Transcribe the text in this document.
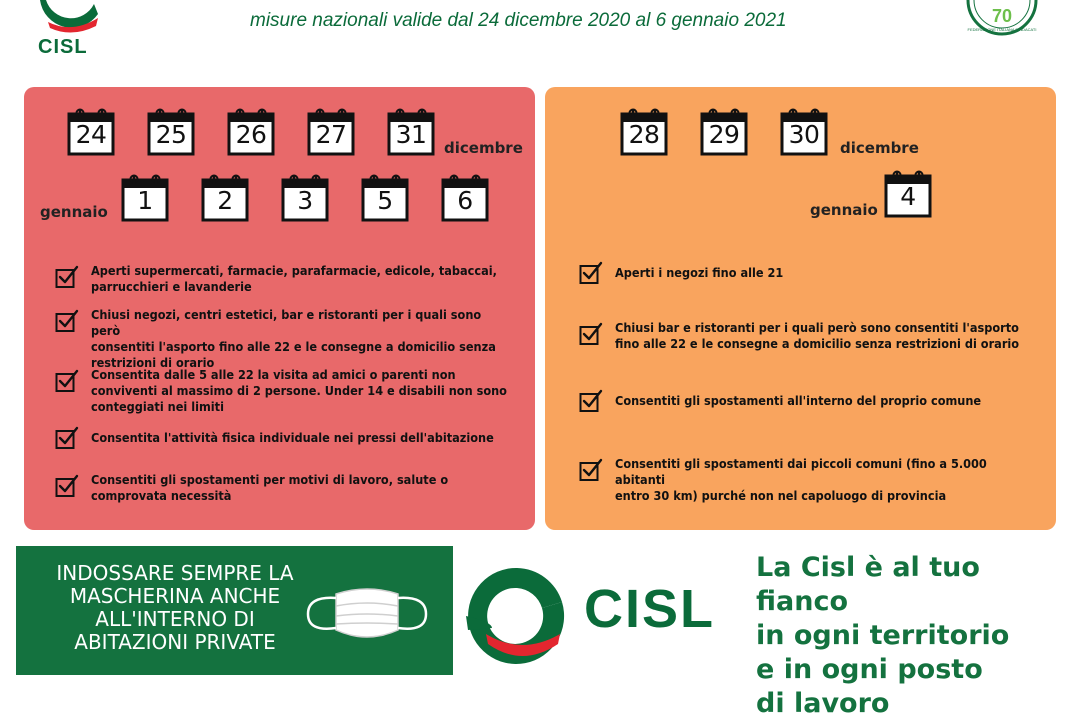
CISL
misure nazionali valide dal 24 dicembre 2020 al 6 gennaio 2021	70
FEDERAZIONE ITALIANA SINDACATI
24	25	26	27	31
1	2	3	5	6
dicembre
gennaio
Aperti supermercati, farmacie, parafarmacie, edicole, tabaccai,
parrucchieri e lavanderie
Chiusi negozi, centri estetici, bar e ristoranti per i quali sono però
consentiti l'asporto fino alle 22 e le consegne a domicilio senza
restrizioni di orario
Consentita dalle 5 alle 22 la visita ad amici o parenti non
conviventi al massimo di 2 persone. Under 14 e disabili non sono
conteggiati nei limiti
Consentita l'attività fisica individuale nei pressi dell'abitazione
Consentiti gli spostamenti per motivi di lavoro, salute o
comprovata necessità
28	29	30
4
dicembre
gennaio
Aperti i negozi fino alle 21
Chiusi bar e ristoranti per i quali però sono consentiti l'asporto
fino alle 22 e le consegne a domicilio senza restrizioni di orario
Consentiti gli spostamenti all'interno del proprio comune
Consentiti gli spostamenti dai piccoli comuni (fino a 5.000 abitanti
entro 30 km) purché non nel capoluogo di provincia
INDOSSARE SEMPRE LA
MASCHERINA ANCHE
ALL'INTERNO DI
ABITAZIONI PRIVATE
CISL
La Cisl è al tuo fianco
in ogni territorio
e in ogni posto
di lavoro
